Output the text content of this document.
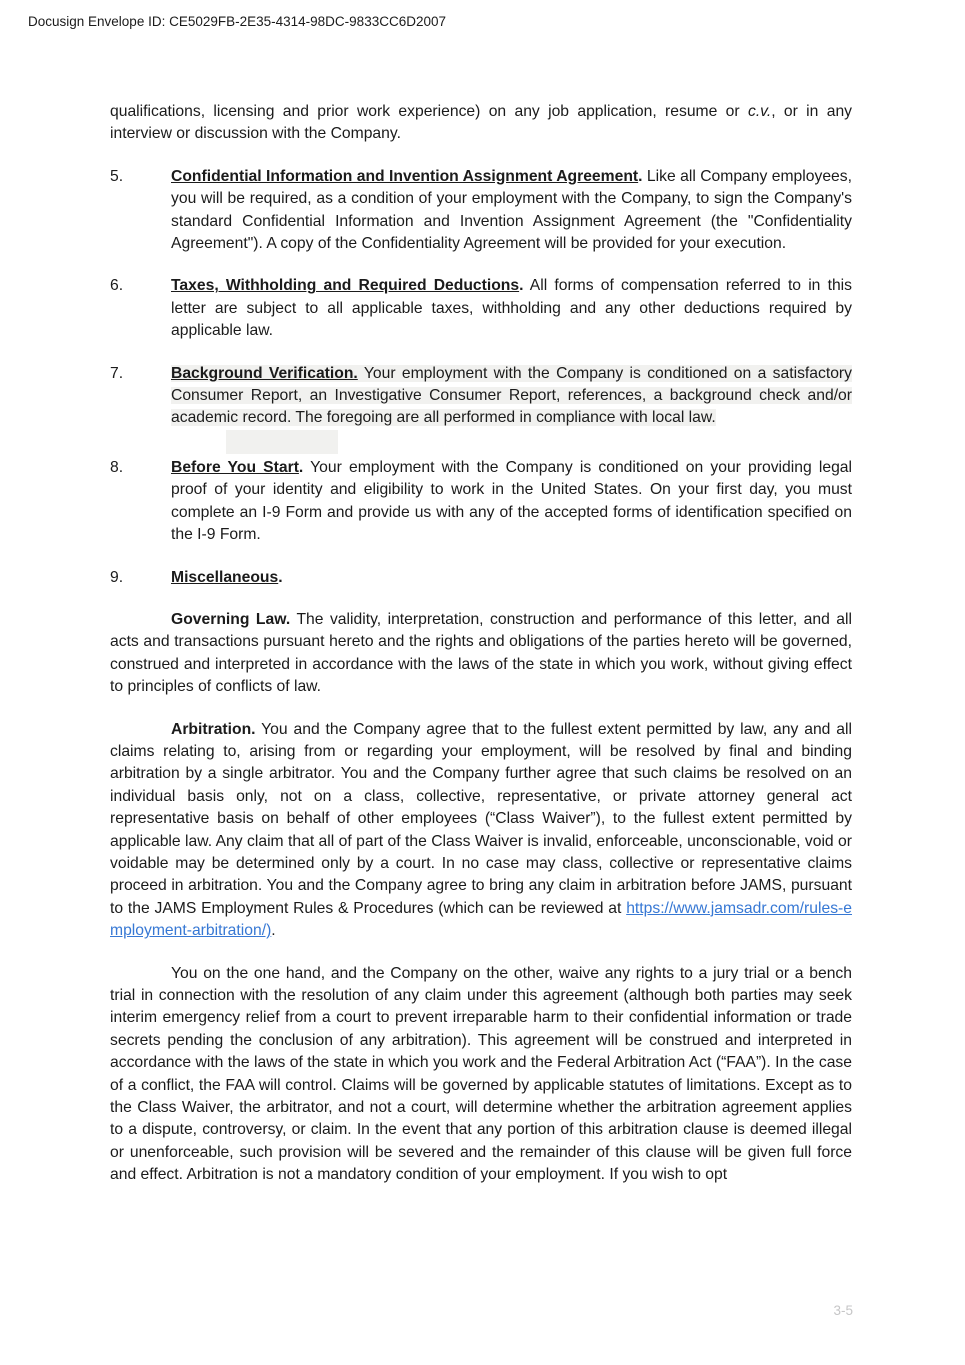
Docusign Envelope ID: CE5029FB-2E35-4314-98DC-9833CC6D2007

qualifications, licensing and prior work experience) on any job application, resume or c.v., or in any interview or discussion with the Company.

5.	Confidential Information and Invention Assignment Agreement. Like all Company employees, you will be required, as a condition of your employment with the Company, to sign the Company's standard Confidential Information and Invention Assignment Agreement (the "Confidentiality Agreement"). A copy of the Confidentiality Agreement will be provided for your execution.
6.	Taxes, Withholding and Required Deductions. All forms of compensation referred to in this letter are subject to all applicable taxes, withholding and any other deductions required by applicable law.
7.	Background Verification. Your employment with the Company is conditioned on a satisfactory Consumer Report, an Investigative Consumer Report, references, a background check and/or academic record. The foregoing are all performed in compliance with local law.
8.	Before You Start. Your employment with the Company is conditioned on your providing legal proof of your identity and eligibility to work in the United States. On your first day, you must complete an I-9 Form and provide us with any of the accepted forms of identification specified on the I-9 Form.
9.	Miscellaneous.

Governing Law. The validity, interpretation, construction and performance of this letter, and all acts and transactions pursuant hereto and the rights and obligations of the parties hereto will be governed, construed and interpreted in accordance with the laws of the state in which you work, without giving effect to principles of conflicts of law.

Arbitration. You and the Company agree that to the fullest extent permitted by law, any and all claims relating to, arising from or regarding your employment, will be resolved by final and binding arbitration by a single arbitrator. You and the Company further agree that such claims be resolved on an individual basis only, not on a class, collective, representative, or private attorney general act representative basis on behalf of other employees (“Class Waiver”), to the fullest extent permitted by applicable law. Any claim that all of part of the Class Waiver is invalid, enforceable, unconscionable, void or voidable may be determined only by a court. In no case may class, collective or representative claims proceed in arbitration. You and the Company agree to bring any claim in arbitration before JAMS, pursuant to the JAMS Employment Rules & Procedures (which can be reviewed at https://www.jamsadr.com/rules-employment-arbitration/).

You on the one hand, and the Company on the other, waive any rights to a jury trial or a bench trial in connection with the resolution of any claim under this agreement (although both parties may seek interim emergency relief from a court to prevent irreparable harm to their confidential information or trade secrets pending the conclusion of any arbitration). This agreement will be construed and interpreted in accordance with the laws of the state in which you work and the Federal Arbitration Act (“FAA”). In the case of a conflict, the FAA will control. Claims will be governed by applicable statutes of limitations. Except as to the Class Waiver, the arbitrator, and not a court, will determine whether the arbitration agreement applies to a dispute, controversy, or claim. In the event that any portion of this arbitration clause is deemed illegal or unenforceable, such provision will be severed and the remainder of this clause will be given full force and effect. Arbitration is not a mandatory condition of your employment. If you wish to opt

3-5
